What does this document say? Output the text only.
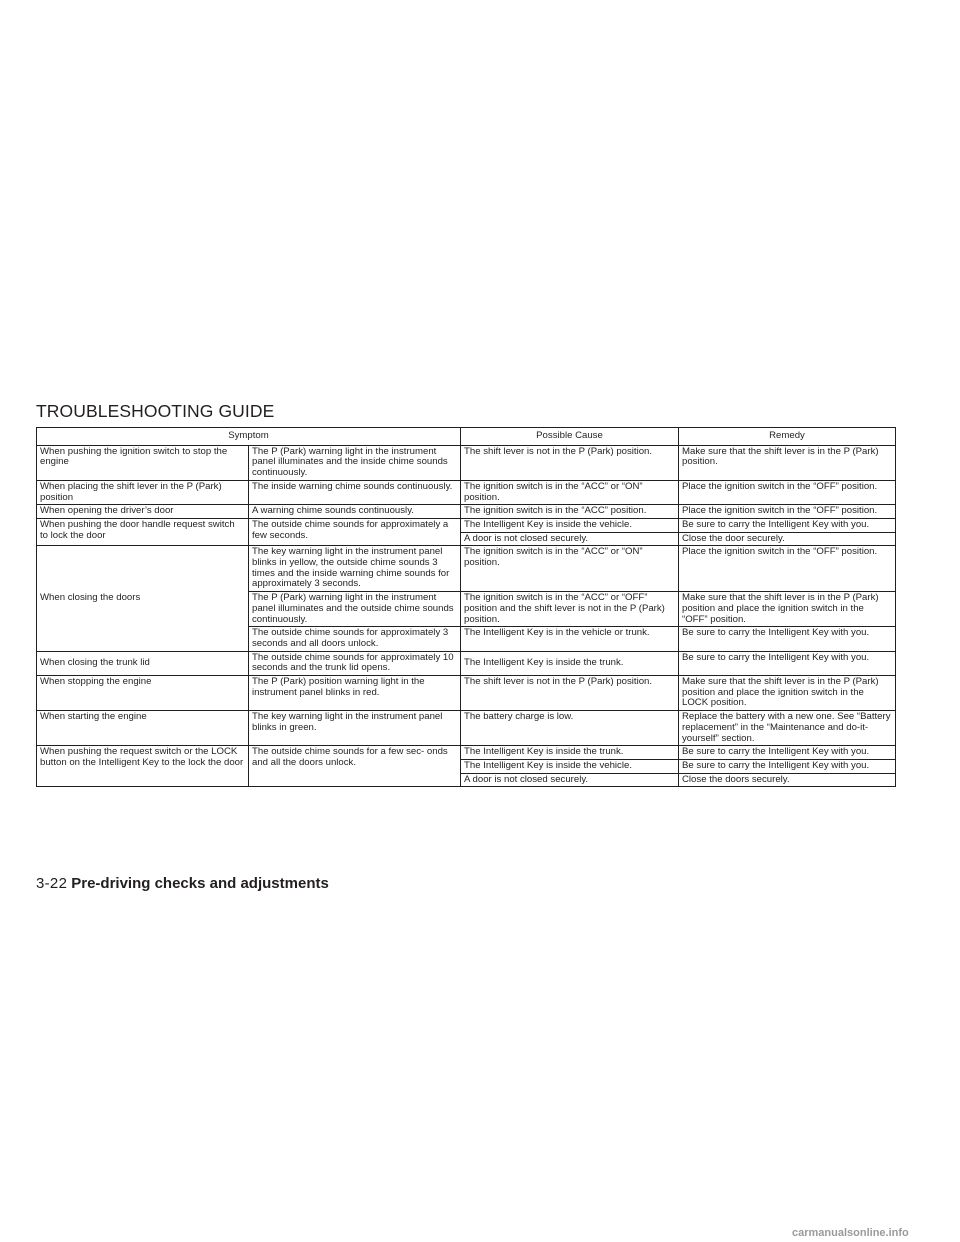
TROUBLESHOOTING GUIDE
Symptom		Possible Cause	Remedy
When pushing the ignition switch to stop the engine	The P (Park) warning light in the instrument panel illuminates and the inside chime sounds continuously.	The shift lever is not in the P (Park) position.	Make sure that the shift lever is in the P (Park) position.
When placing the shift lever in the P (Park) position	The inside warning chime sounds continuously.	The ignition switch is in the “ACC” or “ON” position.	Place the ignition switch in the “OFF” position.
When opening the driver’s door	A warning chime sounds continuously.	The ignition switch is in the “ACC” position.	Place the ignition switch in the “OFF” position.
When pushing the door handle request switch to lock the door	The outside chime sounds for approximately a few seconds.	The Intelligent Key is inside the vehicle.	Be sure to carry the Intelligent Key with you.
		A door is not closed securely.	Close the door securely.
When closing the doors	The key warning light in the instrument panel blinks in yellow, the outside chime sounds 3 times and the inside warning chime sounds for approximately 3 seconds.	The ignition switch is in the “ACC” or “ON” position.	Place the ignition switch in the “OFF” position.
	The P (Park) warning light in the instrument panel illuminates and the outside chime sounds continuously.	The ignition switch is in the “ACC” or “OFF” position and the shift lever is not in the P (Park) position.	Make sure that the shift lever is in the P (Park) position and place the ignition switch in the “OFF” position.
	The outside chime sounds for approximately 3 seconds and all doors unlock.	The Intelligent Key is in the vehicle or trunk.	Be sure to carry the Intelligent Key with you.
When closing the trunk lid	The outside chime sounds for approximately 10 seconds and the trunk lid opens.	The Intelligent Key is inside the trunk.	Be sure to carry the Intelligent Key with you.
When stopping the engine	The P (Park) position warning light in the instrument panel blinks in red.	The shift lever is not in the P (Park) position.	Make sure that the shift lever is in the P (Park) position and place the ignition switch in the LOCK position.
When starting the engine	The key warning light in the instrument panel blinks in green.	The battery charge is low.	Replace the battery with a new one. See “Battery replacement” in the “Maintenance and do-it-yourself” section.
When pushing the request switch or the LOCK button on the Intelligent Key to the lock the door	The outside chime sounds for a few sec- onds and all the doors unlock.	The Intelligent Key is inside the trunk.	Be sure to carry the Intelligent Key with you.
		The Intelligent Key is inside the vehicle.	Be sure to carry the Intelligent Key with you.
		A door is not closed securely.	Close the doors securely.
3-22 Pre-driving checks and adjustments
carmanualsonline.info
